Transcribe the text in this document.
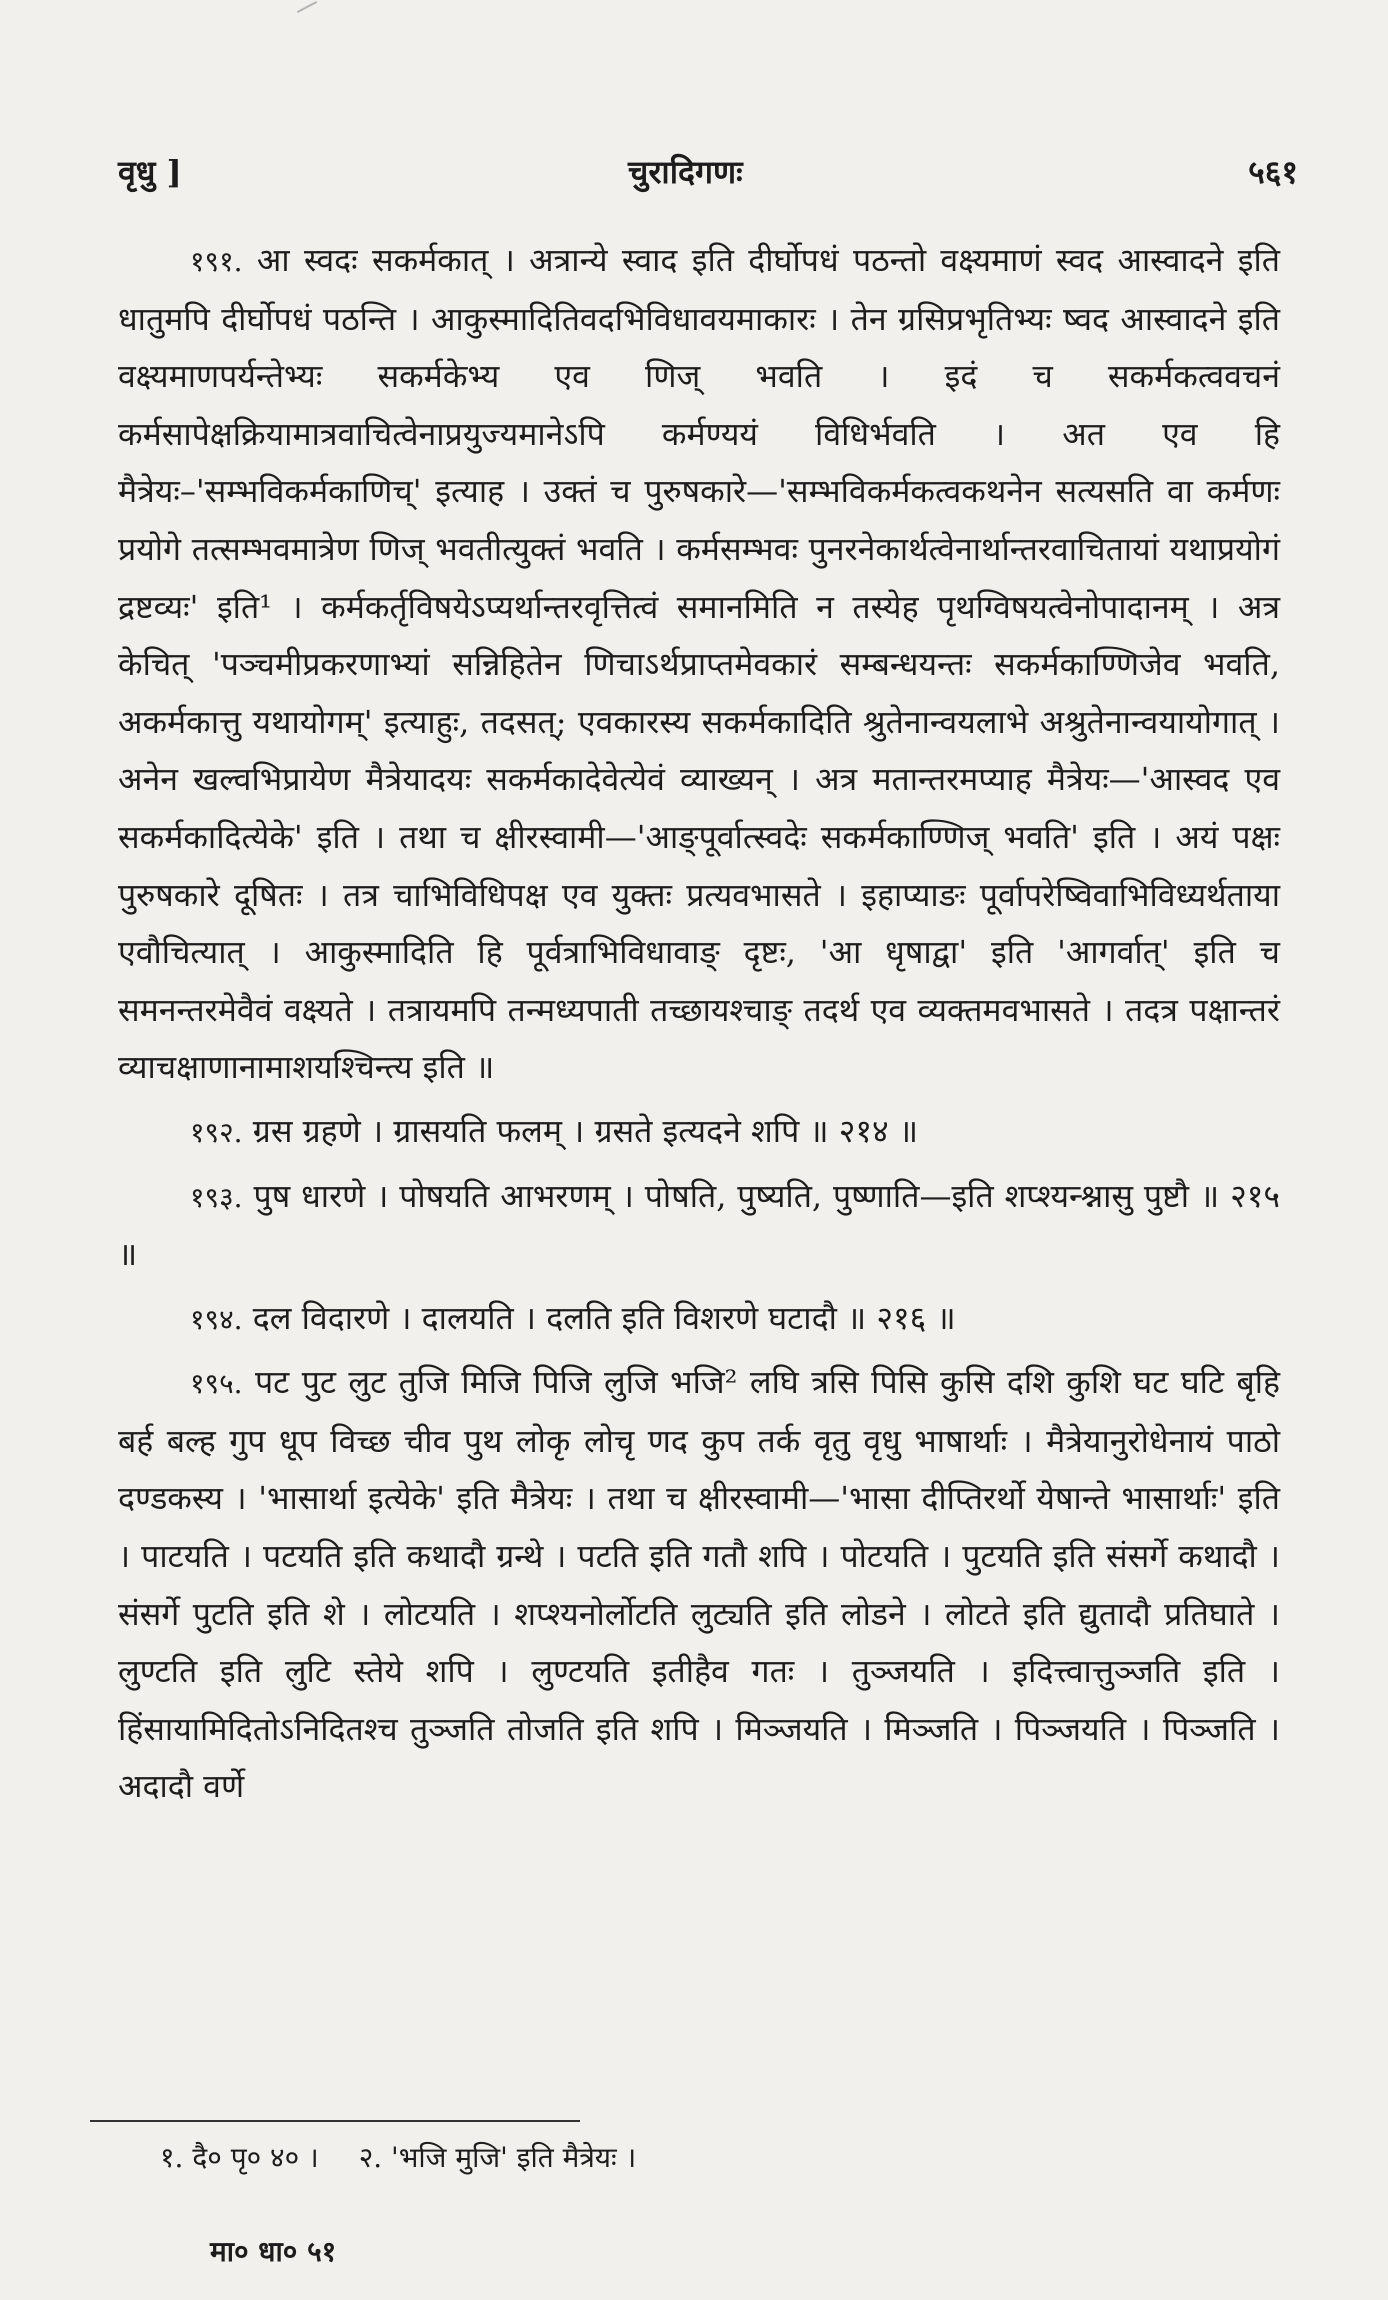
वृधु ]	चुरादिगणः	५६१

१९१. आ स्वदः सकर्मकात् । अत्रान्ये स्वाद इति दीर्घोपधं पठन्तो वक्ष्यमाणं स्वद आस्वादने इति धातुमपि दीर्घोपधं पठन्ति । आकुस्मादितिवदभिविधावयमाकारः । तेन ग्रसिप्रभृतिभ्यः ष्वद आस्वादने इति वक्ष्यमाणपर्यन्तेभ्यः सकर्मकेभ्य एव णिज् भवति । इदं च सकर्मकत्ववचनं कर्मसापेक्षक्रियामात्रवाचित्वेनाप्रयुज्यमानेऽपि कर्मण्ययं विधिर्भवति । अत एव हि मैत्रेयः–'सम्भविकर्मकाणिच्' इत्याह । उक्तं च पुरुषकारे—'सम्भविकर्मकत्वकथनेन सत्यसति वा कर्मणः प्रयोगे तत्सम्भवमात्रेण णिज् भवतीत्युक्तं भवति । कर्मसम्भवः पुनरनेकार्थत्वेनार्थान्तरवाचितायां यथाप्रयोगं द्रष्टव्यः' इति¹ । कर्मकर्तृविषयेऽप्यर्थान्तरवृत्तित्वं समानमिति न तस्येह पृथग्विषयत्वेनोपादानम् । अत्र केचित् 'पञ्चमीप्रकरणाभ्यां सन्निहितेन णिचाऽर्थप्राप्तमेवकारं सम्बन्धयन्तः सकर्मकाण्णिजेव भवति, अकर्मकात्तु यथायोगम्' इत्याहुः, तदसत्; एवकारस्य सकर्मकादिति श्रुतेनान्वयलाभे अश्रुतेनान्वयायोगात् । अनेन खल्वभिप्रायेण मैत्रेयादयः सकर्मकादेवेत्येवं व्याख्यन् । अत्र मतान्तरमप्याह मैत्रेयः—'आस्वद एव सकर्मकादित्येके' इति । तथा च क्षीरस्वामी—'आङ्पूर्वात्स्वदेः सकर्मकाण्णिज् भवति' इति । अयं पक्षः पुरुषकारे दूषितः । तत्र चाभिविधिपक्ष एव युक्तः प्रत्यवभासते । इहाप्याङः पूर्वापरेष्विवाभिविध्यर्थताया एवौचित्यात् । आकुस्मादिति हि पूर्वत्राभिविधावाङ् दृष्टः, 'आ धृषाद्वा' इति 'आगर्वात्' इति च समनन्तरमेवैवं वक्ष्यते । तत्रायमपि तन्मध्यपाती तच्छायश्चाङ् तदर्थ एव व्यक्तमवभासते । तदत्र पक्षान्तरं व्याचक्षाणानामाशयश्चिन्त्य इति ॥

१९२. ग्रस ग्रहणे । ग्रासयति फलम् । ग्रसते इत्यदने शपि ॥ २१४ ॥

१९३. पुष धारणे । पोषयति आभरणम् । पोषति, पुष्यति, पुष्णाति—इति शप्श्यन्श्नासु पुष्टौ ॥ २१५ ॥

१९४. दल विदारणे । दालयति । दलति इति विशरणे घटादौ ॥ २१६ ॥

१९५. पट पुट लुट तुजि मिजि पिजि लुजि भजि² लघि त्रसि पिसि कुसि दशि कुशि घट घटि बृहि बर्ह बल्ह गुप धूप विच्छ चीव पुथ लोकृ लोचृ णद कुप तर्क वृतु वृधु भाषार्थाः । मैत्रेयानुरोधेनायं पाठो दण्डकस्य । 'भासार्था इत्येके' इति मैत्रेयः । तथा च क्षीरस्वामी—'भासा दीप्तिरर्थो येषान्ते भासार्थाः' इति । पाटयति । पटयति इति कथादौ ग्रन्थे । पटति इति गतौ शपि । पोटयति । पुटयति इति संसर्गे कथादौ । संसर्गे पुटति इति शे । लोटयति । शप्श्यनोर्लोटति लुट्यति इति लोडने । लोटते इति द्युतादौ प्रतिघाते । लुण्टति इति लुटि स्तेये शपि । लुण्टयति इतीहैव गतः । तुञ्जयति । इदित्त्वात्तुञ्जति इति । हिंसायामिदितोऽनिदितश्च तुञ्जति तोजति इति शपि । मिञ्जयति । मिञ्जति । पिञ्जयति । पिञ्जति । अदादौ वर्णे

१. दै० पृ० ४० । २. 'भजि मुजि' इति मैत्रेयः ।
मा० धा० ५१
